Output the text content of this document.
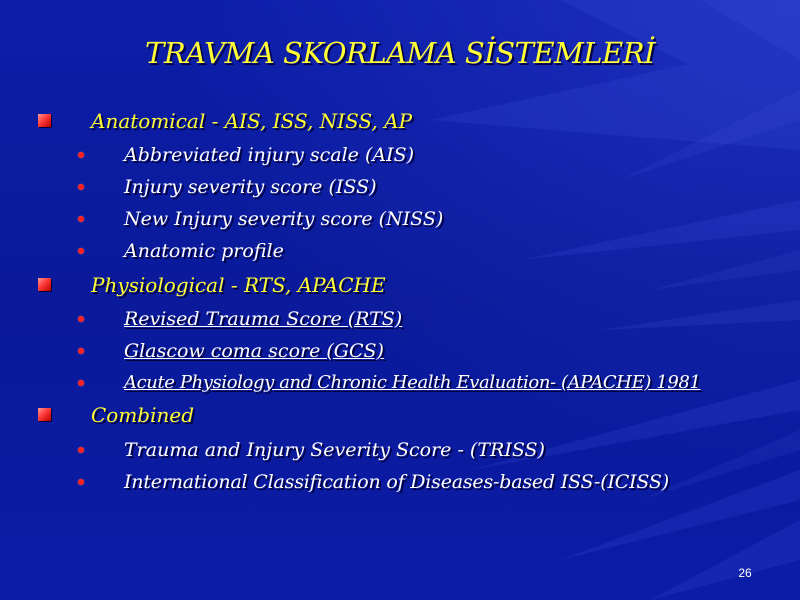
TRAVMA SKORLAMA SİSTEMLERİ
Anatomical - AIS, ISS, NISS, AP
Abbreviated injury scale (AIS)
Injury severity score (ISS)
New Injury severity score (NISS)
Anatomic profile
Physiological - RTS, APACHE
Revised Trauma Score (RTS)
Glascow coma score (GCS)
Acute Physiology and Chronic Health Evaluation- (APACHE) 1981
Combined
Trauma and Injury Severity Score - (TRISS)
International Classification of Diseases-based ISS-(ICISS)
26
